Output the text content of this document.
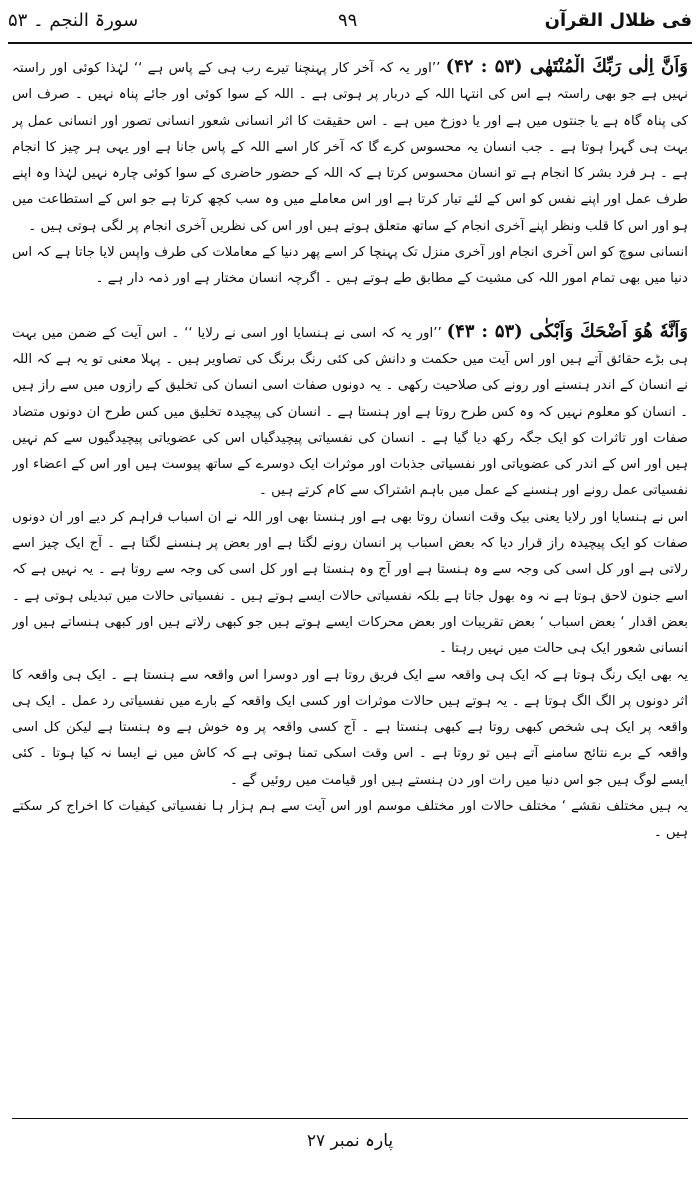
فی ظلال القرآن
۹۹
سورۃ النجم ۔ ۵۳

وَاَنَّ اِلٰی رَبِّكَ الْمُنْتَهٰی (۵۳ : ۴۲) ’’اور یہ کہ آخر کار پہنچنا تیرے رب ہی کے پاس ہے ‘‘ لہٰذا کوئی اور راستہ نہیں ہے جو بھی راستہ ہے اس کی انتہا اللہ کے دربار پر ہوتی ہے ۔ اللہ کے سوا کوئی اور جائے پناہ نہیں ۔ صرف اس کی پناہ گاہ ہے یا جنتوں میں ہے اور یا دوزخ میں ہے ۔ اس حقیقت کا اثر انسانی شعور انسانی تصور اور انسانی عمل پر بہت ہی گہرا ہوتا ہے ۔ جب انسان یہ محسوس کرے گا کہ آخر کار اسے اللہ کے پاس جانا ہے اور یہی ہر چیز کا انجام ہے ۔ ہر فرد بشر کا انجام ہے تو انسان محسوس کرتا ہے کہ اللہ کے حضور حاضری کے سوا کوئی چارہ نہیں لہٰذا وہ اپنے طرف عمل اور اپنے نفس کو اس کے لئے تیار کرتا ہے اور اس معاملے میں وہ سب کچھ کرتا ہے جو اس کے استطاعت میں ہو اور اس کا قلب ونظر اپنے آخری انجام کے ساتھ متعلق ہوتے ہیں اور اس کی نظریں آخری انجام پر لگی ہوتی ہیں ۔

انسانی سوچ کو اس آخری انجام اور آخری منزل تک پہنچا کر اسے پھر دنیا کے معاملات کی طرف واپس لایا جاتا ہے کہ اس دنیا میں بھی تمام امور اللہ کی مشیت کے مطابق طے ہوتے ہیں ۔ اگرچہ انسان مختار ہے اور ذمہ دار ہے ۔

وَاَنَّهٗ هُوَ اَضْحَكَ وَاَبْكٰی (۵۳ : ۴۳) ’’اور یہ کہ اسی نے ہنسایا اور اسی نے رلایا ‘‘ ۔ اس آیت کے ضمن میں بہت ہی بڑے حقائق آتے ہیں اور اس آیت میں حکمت و دانش کی کئی رنگ برنگ کی تصاویر ہیں ۔ پہلا معنی تو یہ ہے کہ اللہ نے انسان کے اندر ہنسنے اور رونے کی صلاحیت رکھی ۔ یہ دونوں صفات اسی انسان کی تخلیق کے رازوں میں سے راز ہیں ۔ انسان کو معلوم نہیں کہ وہ کس طرح روتا ہے اور ہنستا ہے ۔ انسان کی پیچیدہ تخلیق میں کس طرح ان دونوں متضاد صفات اور تاثرات کو ایک جگہ رکھ دیا گیا ہے ۔ انسان کی نفسیاتی پیچیدگیاں اس کی عضویاتی پیچیدگیوں سے کم نہیں ہیں اور اس کے اندر کی عضویاتی اور نفسیاتی جذبات اور موثرات ایک دوسرے کے ساتھ پیوست ہیں اور اس کے اعضاء اور نفسیاتی عمل رونے اور ہنسنے کے عمل میں باہم اشتراک سے کام کرتے ہیں ۔

اس نے ہنسایا اور رلایا یعنی بیک وقت انسان روتا بھی ہے اور ہنستا بھی اور اللہ نے ان اسباب فراہم کر دیے اور ان دونوں صفات کو ایک پیچیدہ راز قرار دیا کہ بعض اسباب پر انسان رونے لگتا ہے اور بعض پر ہنسنے لگتا ہے ۔ آج ایک چیز اسے رلاتی ہے اور کل اسی کی وجہ سے وہ ہنستا ہے اور آج وہ ہنستا ہے اور کل اسی کی وجہ سے روتا ہے ۔ یہ نہیں ہے کہ اسے جنون لاحق ہوتا ہے نہ وہ بھول جاتا ہے بلکہ نفسیاتی حالات ایسے ہوتے ہیں ۔ نفسیاتی حالات میں تبدیلی ہوتی ہے ۔ بعض اقدار ‘ بعض اسباب ‘ بعض تقریبات اور بعض محرکات ایسے ہوتے ہیں جو کبھی رلاتے ہیں اور کبھی ہنساتے ہیں اور انسانی شعور ایک ہی حالت میں نہیں رہتا ۔

یہ بھی ایک رنگ ہوتا ہے کہ ایک ہی واقعہ سے ایک فریق روتا ہے اور دوسرا اس واقعہ سے ہنستا ہے ۔ ایک ہی واقعہ کا اثر دونوں پر الگ الگ ہوتا ہے ۔ یہ ہوتے ہیں حالات موثرات اور کسی ایک واقعہ کے بارے میں نفسیاتی رد عمل ۔ ایک ہی واقعہ پر ایک ہی شخص کبھی روتا ہے کبھی ہنستا ہے ۔ آج کسی واقعہ پر وہ خوش ہے وہ ہنستا ہے لیکن کل اسی واقعہ کے برے نتائج سامنے آتے ہیں تو روتا ہے ۔ اس وقت اسکی تمنا ہوتی ہے کہ کاش میں نے ایسا نہ کیا ہوتا ۔ کئی ایسے لوگ ہیں جو اس دنیا میں رات اور دن ہنستے ہیں اور قیامت میں روئیں گے ۔

یہ ہیں مختلف نقشے ‘ مختلف حالات اور مختلف موسم اور اس آیت سے ہم ہزار ہا نفسیاتی کیفیات کا اخراج کر سکتے ہیں ۔

پارہ نمبر ۲۷
